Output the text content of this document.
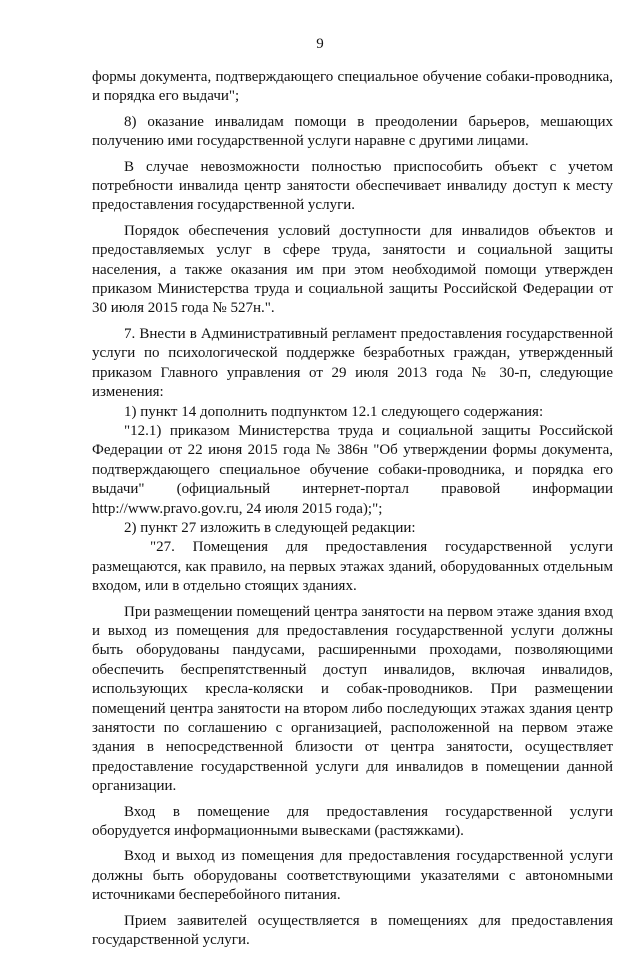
9

формы документа, подтверждающего специальное обучение собаки-проводника, и порядка его выдачи";

8) оказание инвалидам помощи в преодолении барьеров, мешающих получению ими государственной услуги наравне с другими лицами.

В случае невозможности полностью приспособить объект с учетом потребности инвалида центр занятости обеспечивает инвалиду доступ к месту предоставления государственной услуги.

Порядок обеспечения условий доступности для инвалидов объектов и предоставляемых услуг в сфере труда, занятости и социальной защиты населения, а также оказания им при этом необходимой помощи утвержден приказом Министерства труда и социальной защиты Российской Федерации от 30 июля 2015 года № 527н.".

7. Внести в Административный регламент предоставления государственной услуги по психологической поддержке безработных граждан, утвержденный приказом Главного управления от 29 июля 2013 года № 30-п, следующие изменения:

1) пункт 14 дополнить подпунктом 12.1 следующего содержания:

"12.1) приказом Министерства труда и социальной защиты Российской Федерации от 22 июня 2015 года № 386н "Об утверждении формы документа, подтверждающего специальное обучение собаки-проводника, и порядка его выдачи" (официальный интернет-портал правовой информации http://www.pravo.gov.ru, 24 июля 2015 года);";

2) пункт 27 изложить в следующей редакции:

"27. Помещения для предоставления государственной услуги размещаются, как правило, на первых этажах зданий, оборудованных отдельным входом, или в отдельно стоящих зданиях.

При размещении помещений центра занятости на первом этаже здания вход и выход из помещения для предоставления государственной услуги должны быть оборудованы пандусами, расширенными проходами, позволяющими обеспечить беспрепятственный доступ инвалидов, включая инвалидов, использующих кресла-коляски и собак-проводников. При размещении помещений центра занятости на втором либо последующих этажах здания центр занятости по соглашению с организацией, расположенной на первом этаже здания в непосредственной близости от центра занятости, осуществляет предоставление государственной услуги для инвалидов в помещении данной организации.

Вход в помещение для предоставления государственной услуги оборудуется информационными вывесками (растяжками).

Вход и выход из помещения для предоставления государственной услуги должны быть оборудованы соответствующими указателями с автономными источниками бесперебойного питания.

Прием заявителей осуществляется в помещениях для предоставления государственной услуги.
